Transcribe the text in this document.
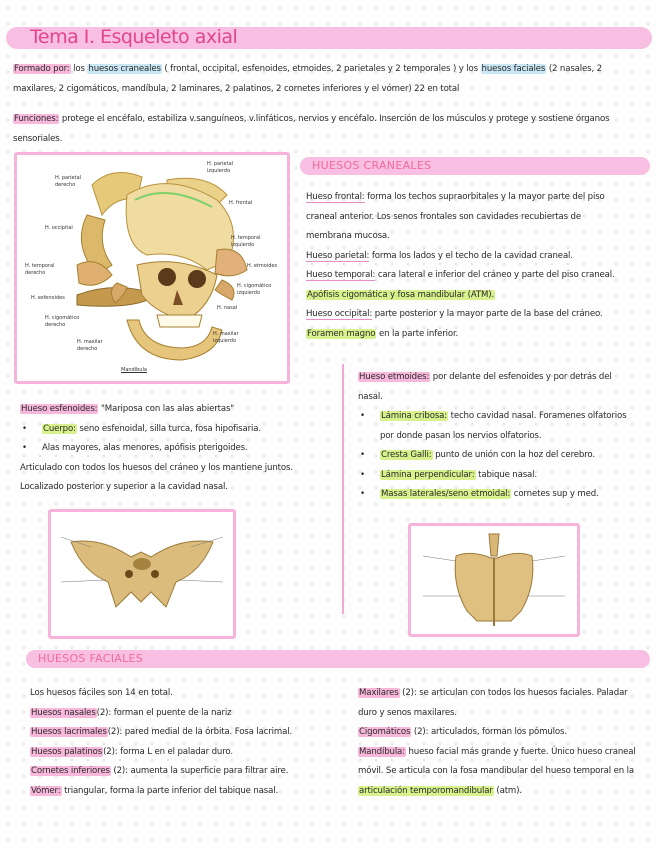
Tema I. Esqueleto axial
Formado por: los huesos craneales ( frontal, occipital, esfenoides, etmoides, 2 parietales y 2 temporales ) y los huesos faciales (2 nasales, 2 maxilares, 2 cigomáticos, mandíbula, 2 laminares, 2 palatinos, 2 cornetes inferiores y el vómer) 22 en total
Funciones: protege el encéfalo, estabiliza v.sanguíneos, v.linfáticos, nervios y encéfalo. Inserción de los músculos y protege y sostiene órganos sensoriales.
H. parietal izquierdo
H. parietal derecho
H. frontal
H. occipital
H. temporal izquierdo
H. temporal derecho
H. etmoides
H. cigomático izquierdo
H. esfenoides
H. nasal
H. cigomático derecho
H. maxilar izquierdo
H. maxilar derecho
Mandíbula
HUESOS CRANEALES
Hueso frontal: forma los techos supraorbitales y la mayor parte del piso craneal anterior. Los senos frontales son cavidades recubiertas de membrana mucosa.
Hueso parietal: forma los lados y el techo de la cavidad craneal.
Hueso temporal: cara lateral e inferior del cráneo y parte del piso craneal. Apófisis cigomática y fosa mandibular (ATM).
Hueso occipital: parte posterior y la mayor parte de la base del cráneo. Foramen magno en la parte inferior.
Hueso etmoides: por delante del esfenoides y por detrás del nasal.
• Lámina cribosa: techo cavidad nasal. Foramenes olfatorios por donde pasan los nervios olfatorios.
• Cresta Galli: punto de unión con la hoz del cerebro.
• Lámina perpendicular: tabique nasal.
• Masas laterales/seno etmoidal: cornetes sup y med.
Hueso esfenoides: "Mariposa con las alas abiertas"
• Cuerpo: seno esfenoidal, silla turca, fosa hipofisaria.
• Alas mayores, alas menores, apófisis pterigoides.
Articulado con todos los huesos del cráneo y los mantiene juntos. Localizado posterior y superior a la cavidad nasal.
HUESOS FACIALES
Los huesos fáciles son 14 en total.
Huesos nasales(2): forman el puente de la nariz
Huesos lacrimales(2): pared medial de la órbita. Fosa lacrimal.
Huesos palatinos(2): forma L en el paladar duro.
Cornetes inferiores (2): aumenta la superficie para filtrar aire.
Vómer: triangular, forma la parte inferior del tabique nasal.
Maxilares (2): se articulan con todos los huesos faciales. Paladar duro y senos maxilares.
Cigomáticos (2): articulados, forman los pómulos.
Mandíbula: hueso facial más grande y fuerte. Único hueso craneal móvil. Se articula con la fosa mandibular del hueso temporal en la articulación temporomandibular (atm).
